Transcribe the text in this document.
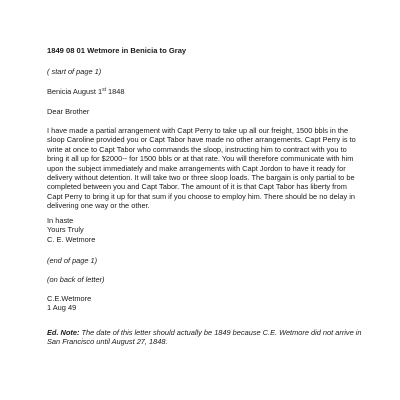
1849 08 01 Wetmore in Benicia to Gray

( start of page 1)

Benicia August 1st 1848

Dear Brother

I have made a partial arrangement with Capt Perry to take up all our freight, 1500 bbls in the sloop Caroline provided you or Capt Tabor have made no other arrangements. Capt Perry is to write at once to Capt Tabor who commands the sloop, instructing him to contract with you to bring it all up for $2000-- for 1500 bbls or at that rate. You will therefore communicate with him upon the subject immediately and make arrangements with Capt Jordon to have it ready for delivery without detention. It will take two or three sloop loads. The bargain is only partial to be completed between you and Capt Tabor. The amount of it is that Capt Tabor has liberty from Capt Perry to bring it up for that sum if you choose to employ him. There should be no delay in delivering one way or the other.

In haste
Yours Truly
C. E. Wetmore

(end of page 1)

(on back of letter)

C.E.Wetmore
1 Aug 49

Ed. Note: The date of this letter should actually be 1849 because C.E. Wetmore did not arrive in San Francisco until August 27, 1848.
